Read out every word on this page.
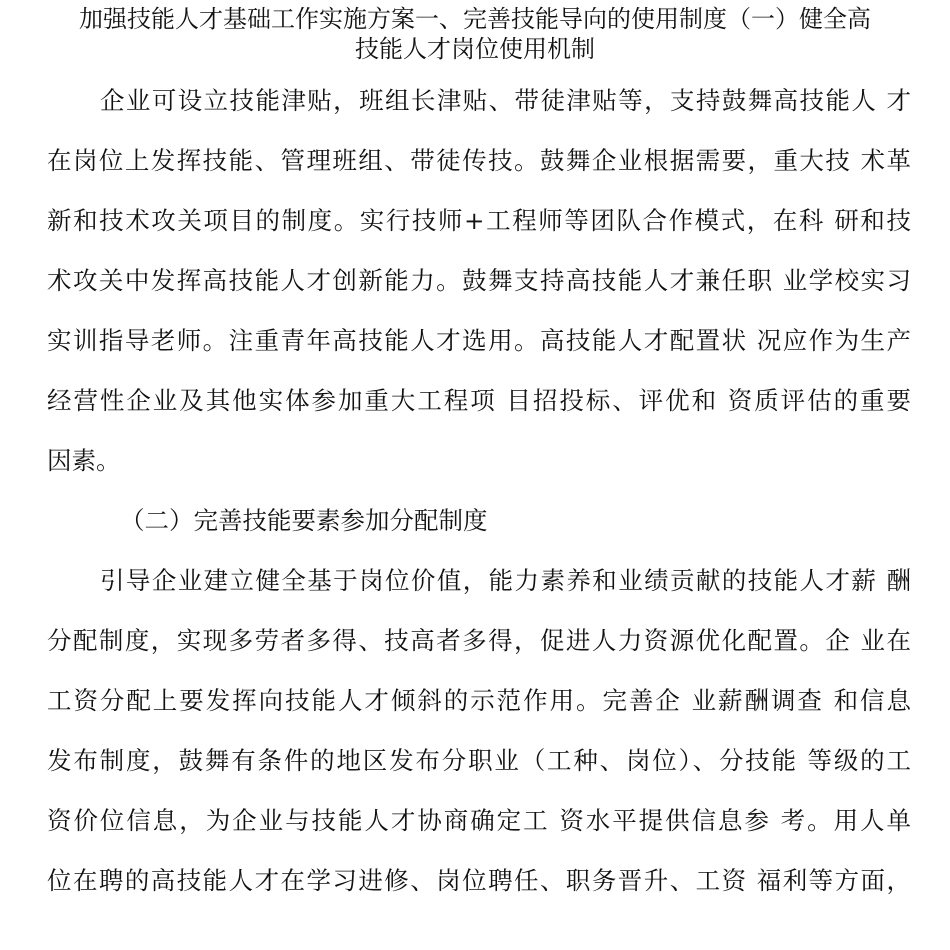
加强技能人才基础工作实施方案一、完善技能导向的使用制度（一）健全高
技能人才岗位使用机制

企业可设立技能津贴，班组长津贴、带徒津贴等，支持鼓舞高技能人 才

在岗位上发挥技能、管理班组、带徒传技。鼓舞企业根据需要，重大技 术革

新和技术攻关项目的制度。实行技师+工程师等团队合作模式，在科 研和技

术攻关中发挥高技能人才创新能力。鼓舞支持高技能人才兼任职 业学校实习

实训指导老师。注重青年高技能人才选用。高技能人才配置状 况应作为生产

经营性企业及其他实体参加重大工程项 目招投标、评优和 资质评估的重要

因素。

（二）完善技能要素参加分配制度

引导企业建立健全基于岗位价值，能力素养和业绩贡献的技能人才薪 酬

分配制度，实现多劳者多得、技高者多得，促进人力资源优化配置。企 业在

工资分配上要发挥向技能人才倾斜的示范作用。完善企 业薪酬调查 和信息

发布制度，鼓舞有条件的地区发布分职业（工种、岗位）、分技能 等级的工

资价位信息，为企业与技能人才协商确定工 资水平提供信息参 考。用人单

位在聘的高技能人才在学习进修、岗位聘任、职务晋升、工资 福利等方面，
